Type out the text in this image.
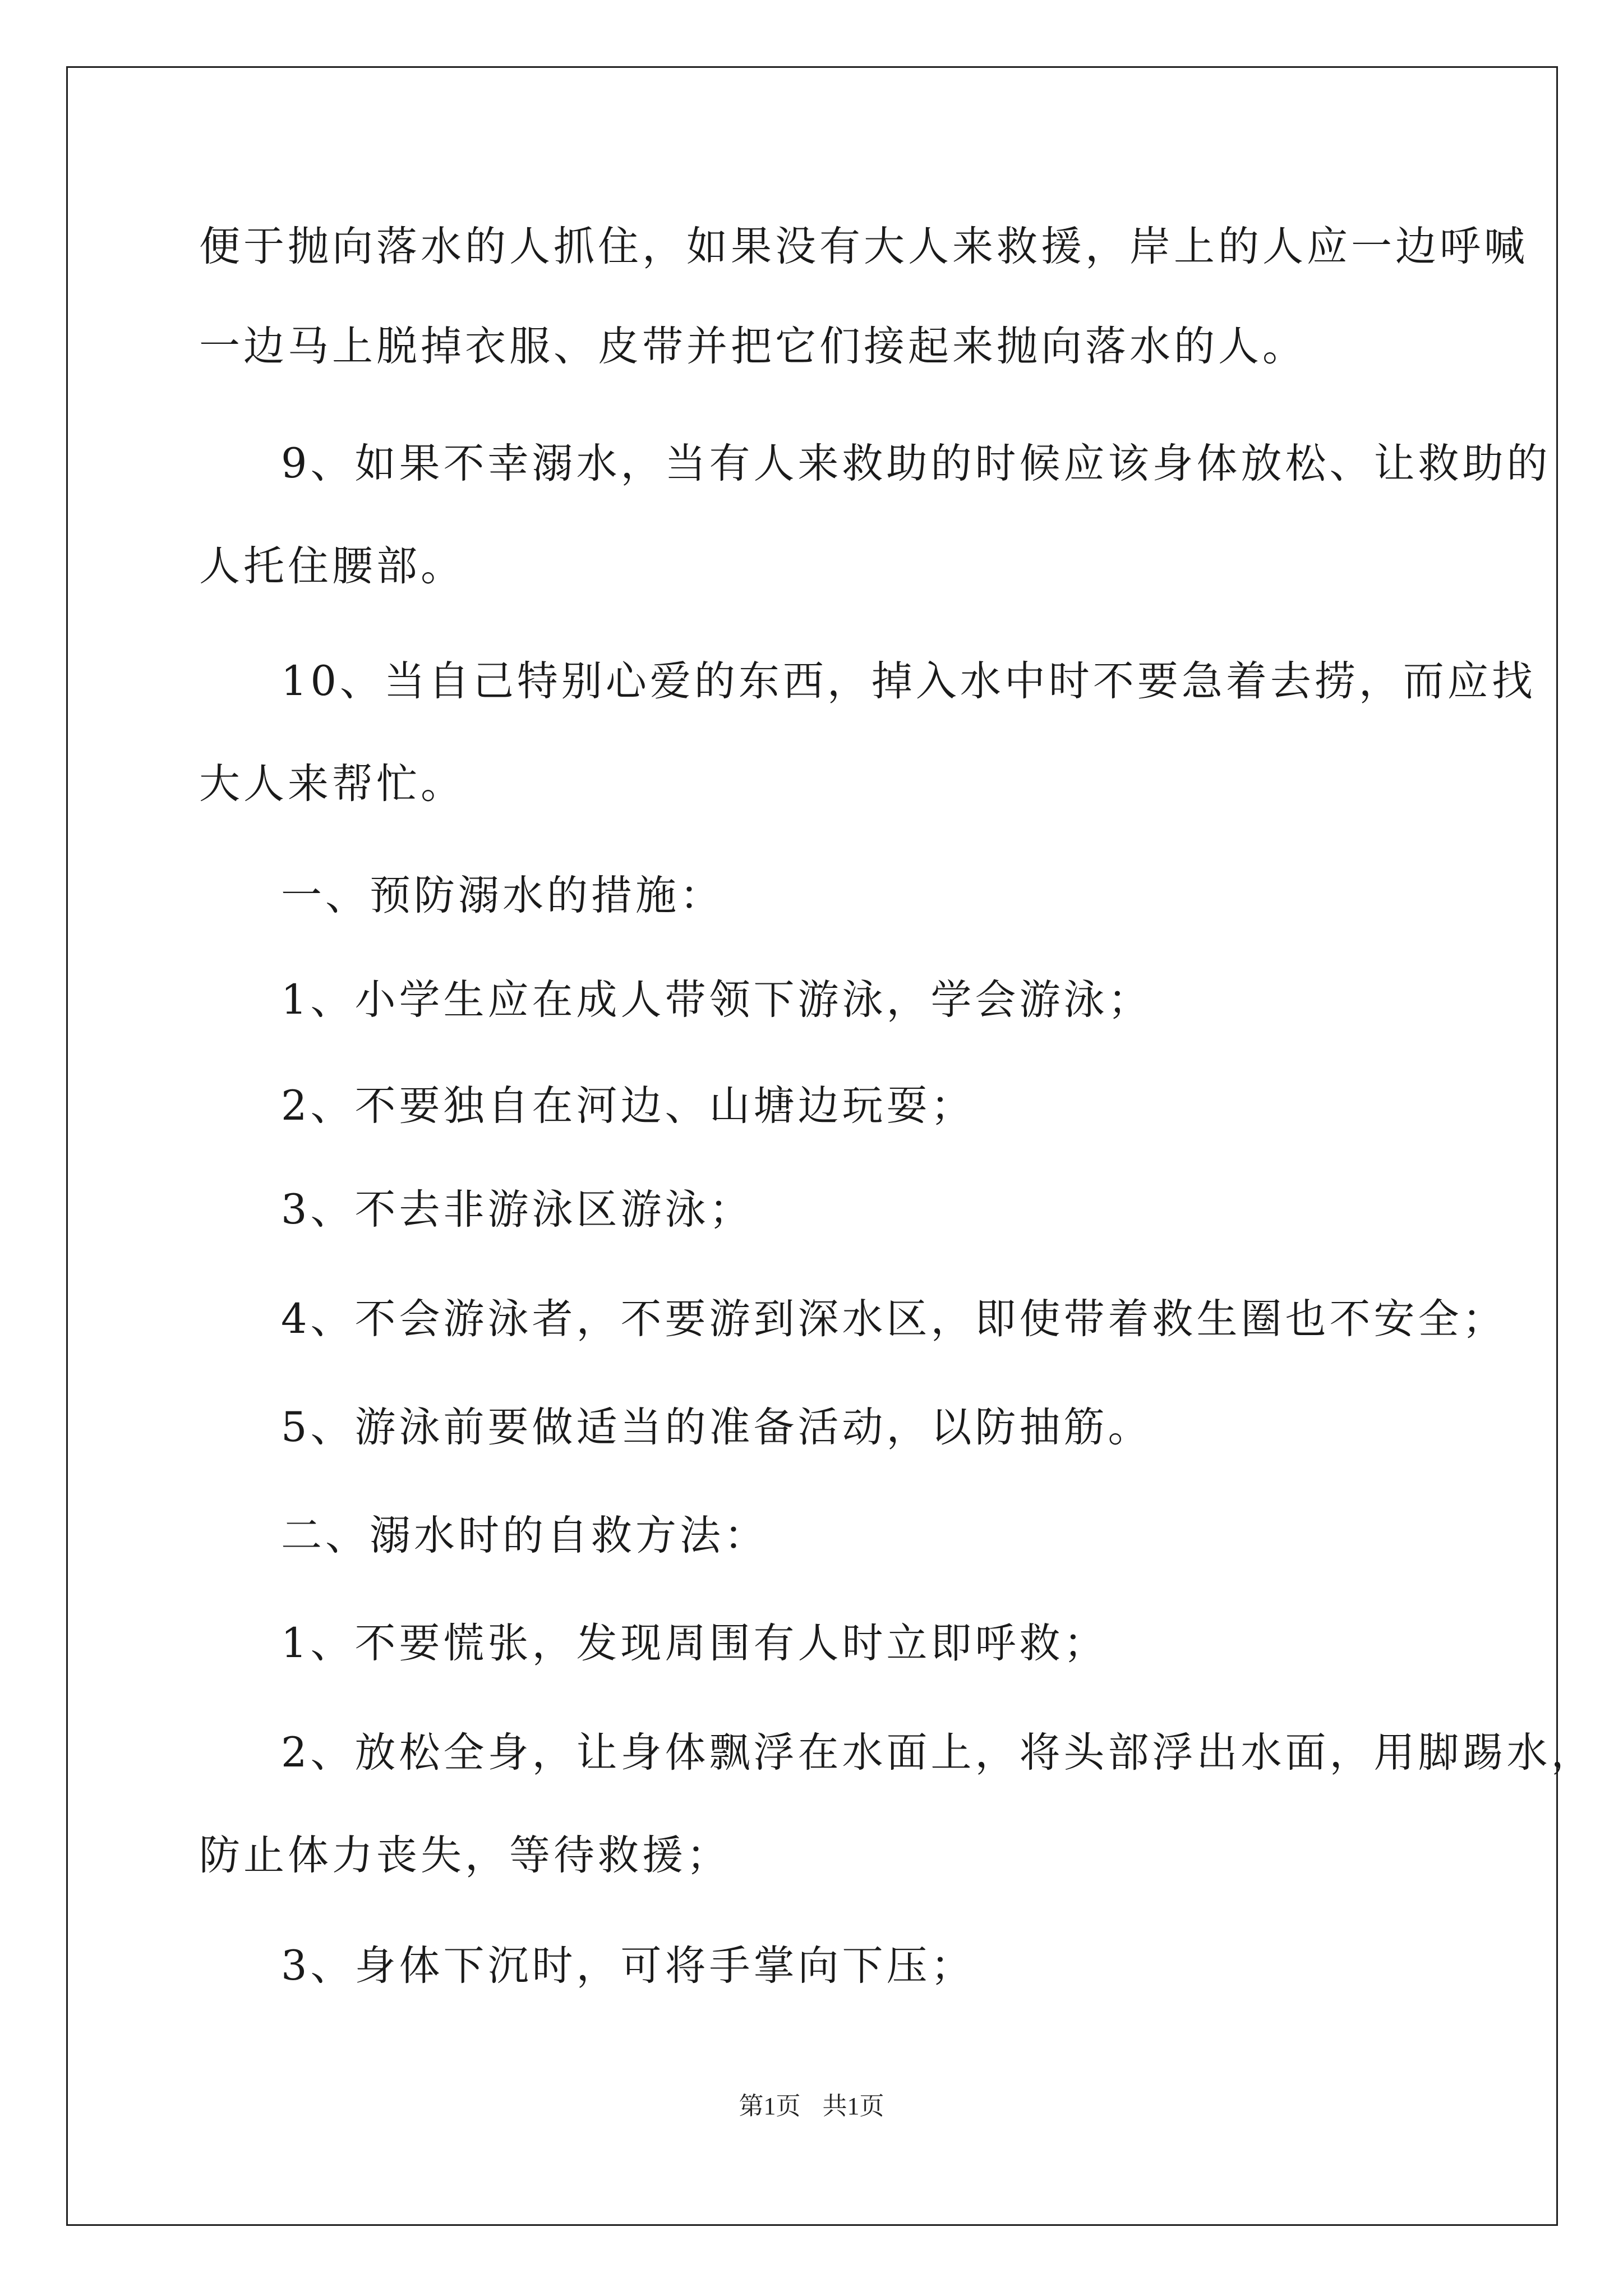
便于抛向落水的人抓住，如果没有大人来救援，岸上的人应一边呼喊
一边马上脱掉衣服、皮带并把它们接起来抛向落水的人。
9、如果不幸溺水，当有人来救助的时候应该身体放松、让救助的
人托住腰部。
10、当自己特别心爱的东西，掉入水中时不要急着去捞，而应找
大人来帮忙。
一、预防溺水的措施：
1、小学生应在成人带领下游泳，学会游泳；
2、不要独自在河边、山塘边玩耍；
3、不去非游泳区游泳；
4、不会游泳者，不要游到深水区，即使带着救生圈也不安全；
5、游泳前要做适当的准备活动，以防抽筋。
二、溺水时的自救方法：
1、不要慌张，发现周围有人时立即呼救；
2、放松全身，让身体飘浮在水面上，将头部浮出水面，用脚踢水，
防止体力丧失，等待救援；
3、身体下沉时，可将手掌向下压；
第1页 共1页
